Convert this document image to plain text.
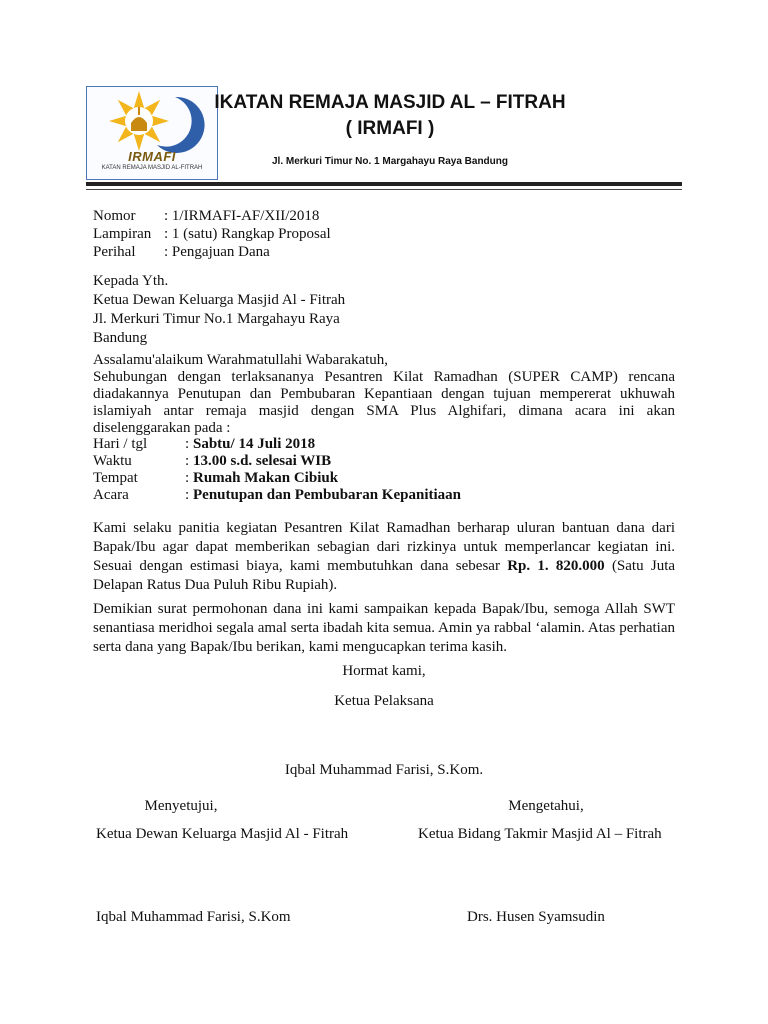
IRMAFI
KATAN REMAJA MASJID AL-FITRAH
IKATAN REMAJA MASJID AL – FITRAH
( IRMAFI )
Jl. Merkuri Timur No. 1 Margahayu Raya Bandung
Nomor : 1/IRMAFI-AF/XII/2018
Lampiran : 1 (satu) Rangkap Proposal
Perihal : Pengajuan Dana
Kepada Yth.
Ketua Dewan Keluarga Masjid Al - Fitrah
Jl. Merkuri Timur No.1 Margahayu Raya
Bandung
Assalamu'alaikum Warahmatullahi Wabarakatuh,
Sehubungan dengan terlaksananya Pesantren Kilat Ramadhan (SUPER CAMP) rencana diadakannya Penutupan dan Pembubaran Kepantiaan dengan tujuan mempererat ukhuwah islamiyah antar remaja masjid dengan SMA Plus Alghifari, dimana acara ini akan diselenggarakan pada :
Hari / tgl	: Sabtu/ 14 Juli 2018
Waktu	: 13.00 s.d. selesai WIB
Tempat	: Rumah Makan Cibiuk
Acara	: Penutupan dan Pembubaran Kepanitiaan
Kami selaku panitia kegiatan Pesantren Kilat Ramadhan berharap uluran bantuan dana dari Bapak/Ibu agar dapat memberikan sebagian dari rizkinya untuk memperlancar kegiatan ini. Sesuai dengan estimasi biaya, kami membutuhkan dana sebesar Rp. 1. 820.000 (Satu Juta Delapan Ratus Dua Puluh Ribu Rupiah).
Demikian surat permohonan dana ini kami sampaikan kepada Bapak/Ibu, semoga Allah SWT senantiasa meridhoi segala amal serta ibadah kita semua. Amin ya rabbal ‘alamin. Atas perhatian serta dana yang Bapak/Ibu berikan, kami mengucapkan terima kasih.
Hormat kami,
Ketua Pelaksana
Iqbal Muhammad Farisi, S.Kom.
Menyetujui,	Mengetahui,
Ketua Dewan Keluarga Masjid Al - Fitrah	Ketua Bidang Takmir Masjid Al – Fitrah
Iqbal Muhammad Farisi, S.Kom	Drs. Husen Syamsudin
